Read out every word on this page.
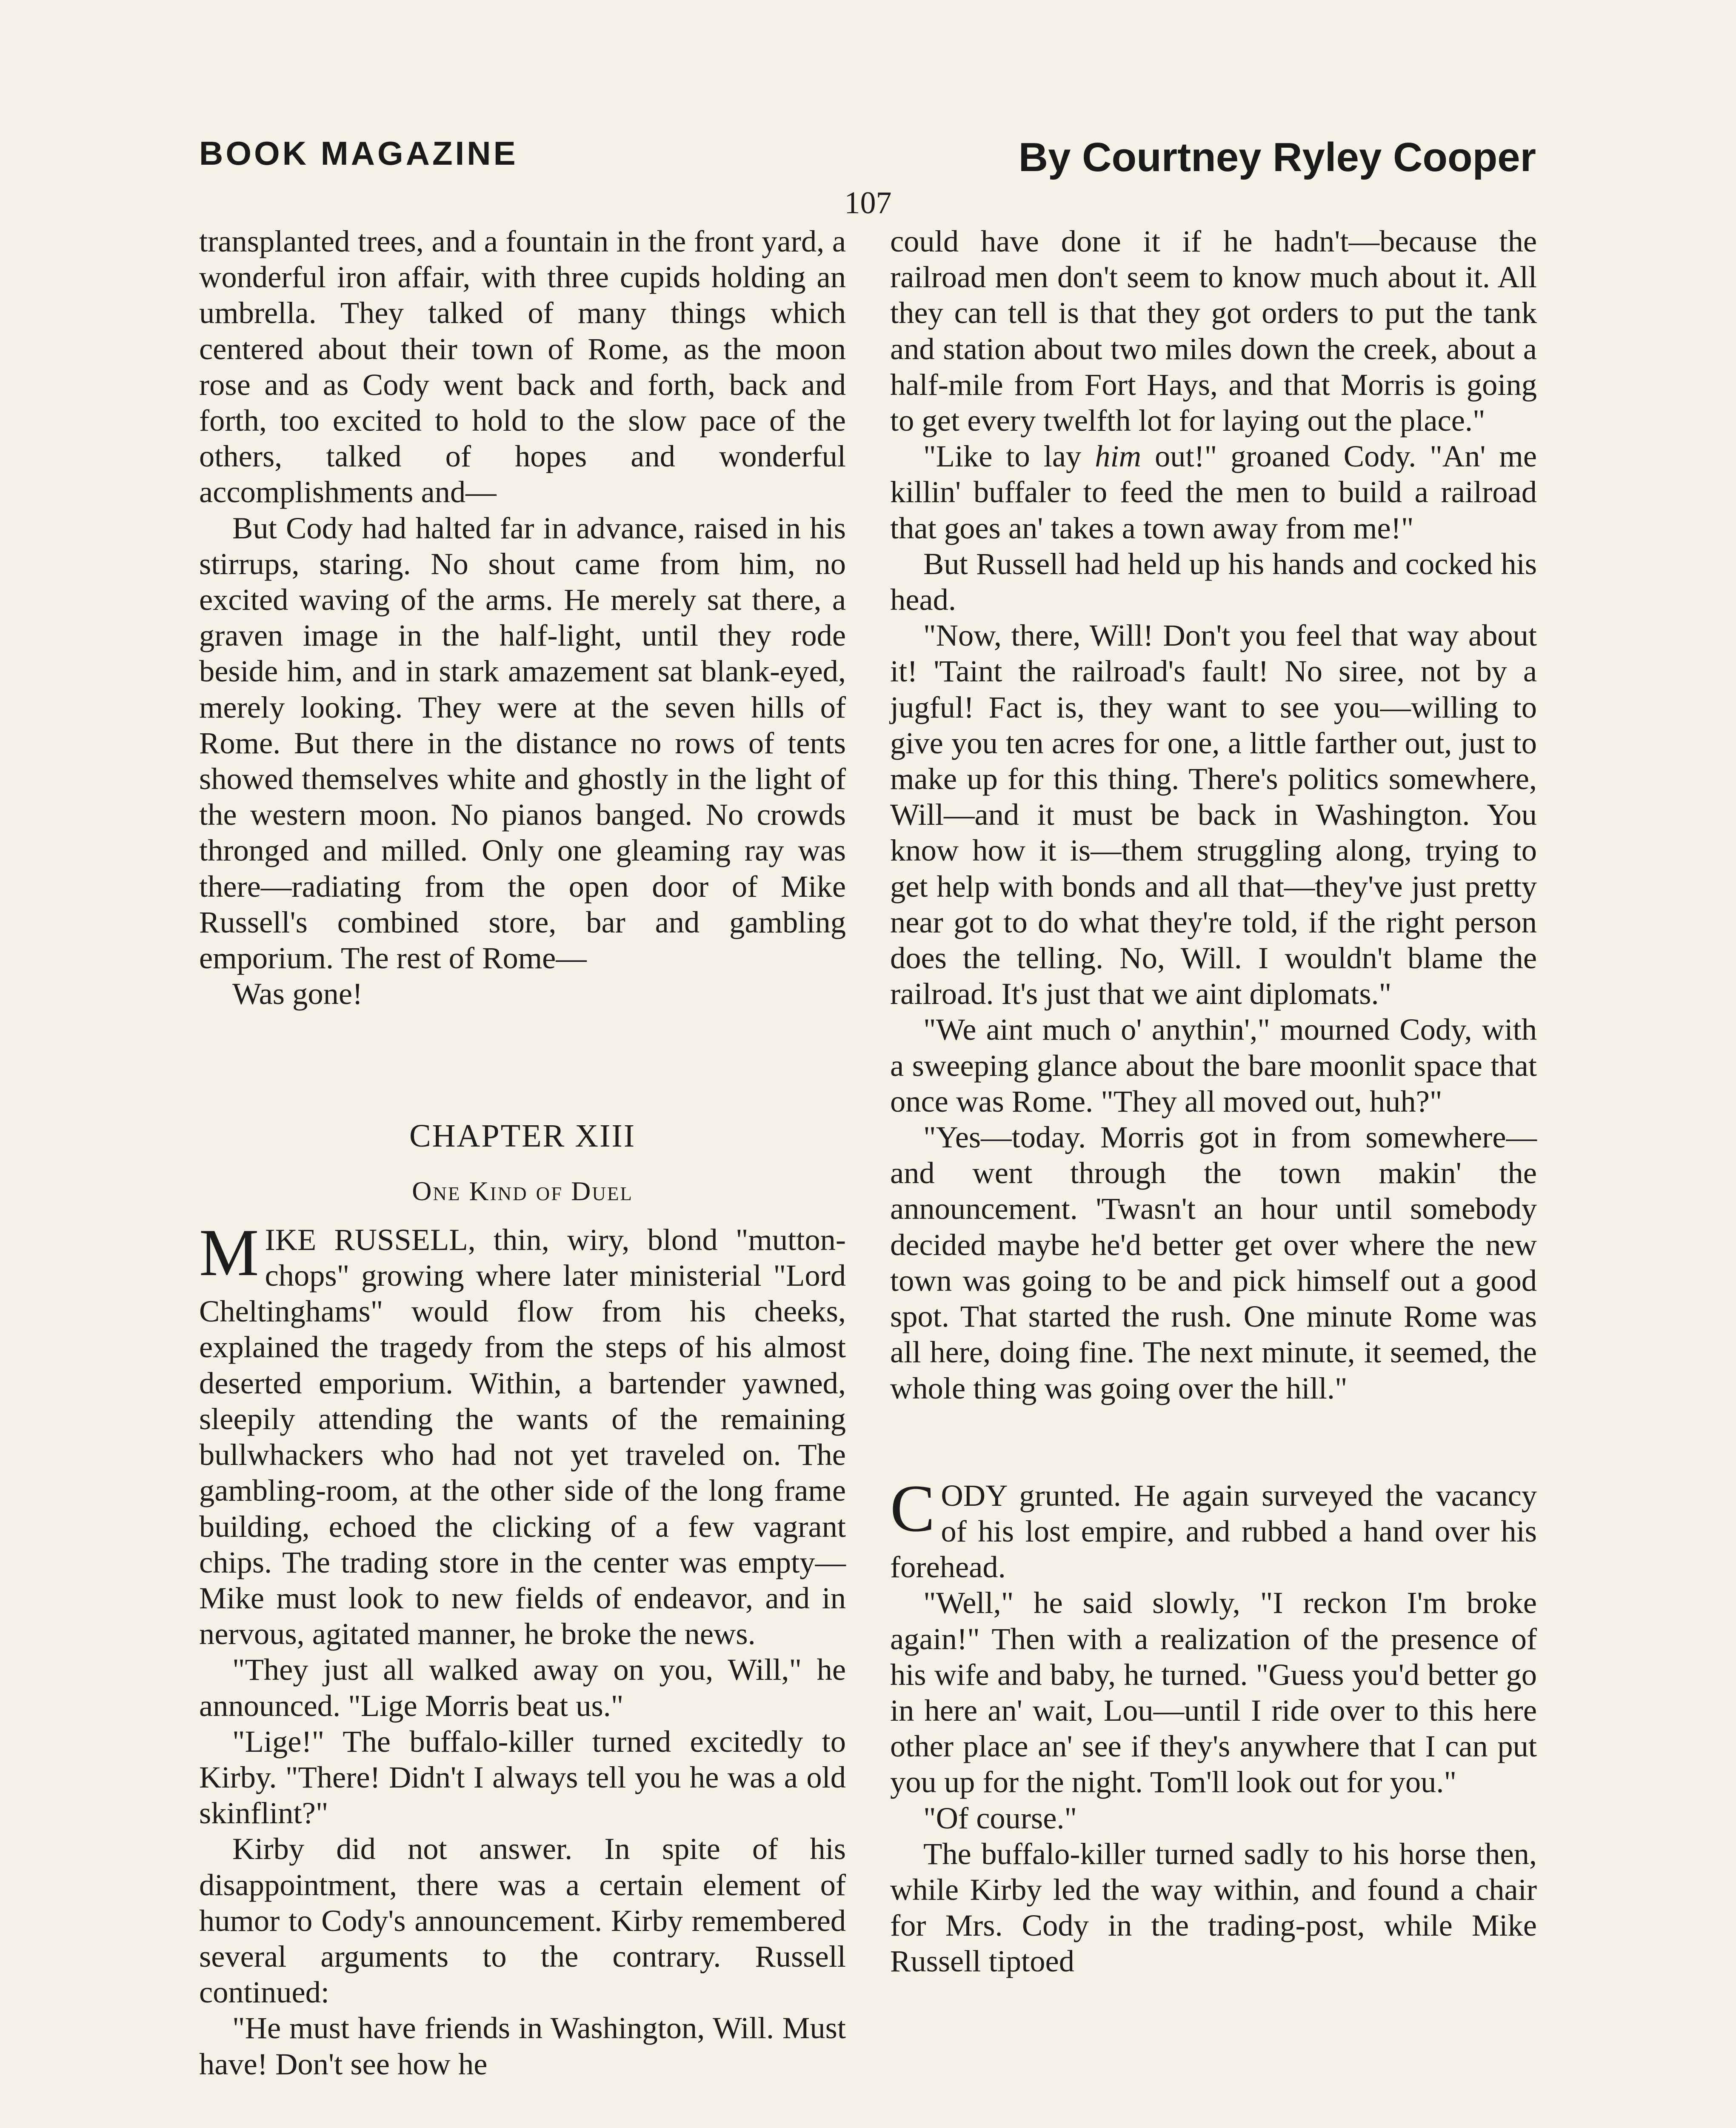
BOOK MAGAZINE	By Courtney Ryley Cooper
107

transplanted trees, and a fountain in the front yard, a wonderful iron affair, with three cupids holding an umbrella. They talked of many things which centered about their town of Rome, as the moon rose and as Cody went back and forth, back and forth, too excited to hold to the slow pace of the others, talked of hopes and wonderful accomplishments and—

But Cody had halted far in advance, raised in his stirrups, staring. No shout came from him, no excited waving of the arms. He merely sat there, a graven image in the half-light, until they rode beside him, and in stark amazement sat blank-eyed, merely looking. They were at the seven hills of Rome. But there in the distance no rows of tents showed themselves white and ghostly in the light of the western moon. No pianos banged. No crowds thronged and milled. Only one gleaming ray was there—radiating from the open door of Mike Russell's combined store, bar and gambling emporium. The rest of Rome—

Was gone!

CHAPTER XIII
One Kind of Duel

MIKE RUSSELL, thin, wiry, blond "mutton-chops" growing where later ministerial "Lord Cheltinghams" would flow from his cheeks, explained the tragedy from the steps of his almost deserted emporium. Within, a bartender yawned, sleepily attending the wants of the remaining bullwhackers who had not yet traveled on. The gambling-room, at the other side of the long frame building, echoed the clicking of a few vagrant chips. The trading store in the center was empty—Mike must look to new fields of endeavor, and in nervous, agitated manner, he broke the news.

"They just all walked away on you, Will," he announced. "Lige Morris beat us."

"Lige!" The buffalo-killer turned excitedly to Kirby. "There! Didn't I always tell you he was a old skinflint?"

Kirby did not answer. In spite of his disappointment, there was a certain element of humor to Cody's announcement. Kirby remembered several arguments to the contrary. Russell continued:

"He must have friends in Washington, Will. Must have! Don't see how he

could have done it if he hadn't—because the railroad men don't seem to know much about it. All they can tell is that they got orders to put the tank and station about two miles down the creek, about a half-mile from Fort Hays, and that Morris is going to get every twelfth lot for laying out the place."

"Like to lay him out!" groaned Cody. "An' me killin' buffaler to feed the men to build a railroad that goes an' takes a town away from me!"

But Russell had held up his hands and cocked his head.

"Now, there, Will! Don't you feel that way about it! 'Taint the railroad's fault! No siree, not by a jugful! Fact is, they want to see you—willing to give you ten acres for one, a little farther out, just to make up for this thing. There's politics somewhere, Will—and it must be back in Washington. You know how it is—them struggling along, trying to get help with bonds and all that—they've just pretty near got to do what they're told, if the right person does the telling. No, Will. I wouldn't blame the railroad. It's just that we aint diplomats."

"We aint much o' anythin'," mourned Cody, with a sweeping glance about the bare moonlit space that once was Rome. "They all moved out, huh?"

"Yes—today. Morris got in from somewhere—and went through the town makin' the announcement. 'Twasn't an hour until somebody decided maybe he'd better get over where the new town was going to be and pick himself out a good spot. That started the rush. One minute Rome was all here, doing fine. The next minute, it seemed, the whole thing was going over the hill."

CODY grunted. He again surveyed the vacancy of his lost empire, and rubbed a hand over his forehead.

"Well," he said slowly, "I reckon I'm broke again!" Then with a realization of the presence of his wife and baby, he turned. "Guess you'd better go in here an' wait, Lou—until I ride over to this here other place an' see if they's anywhere that I can put you up for the night. Tom'll look out for you."

"Of course."

The buffalo-killer turned sadly to his horse then, while Kirby led the way within, and found a chair for Mrs. Cody in the trading-post, while Mike Russell tiptoed
